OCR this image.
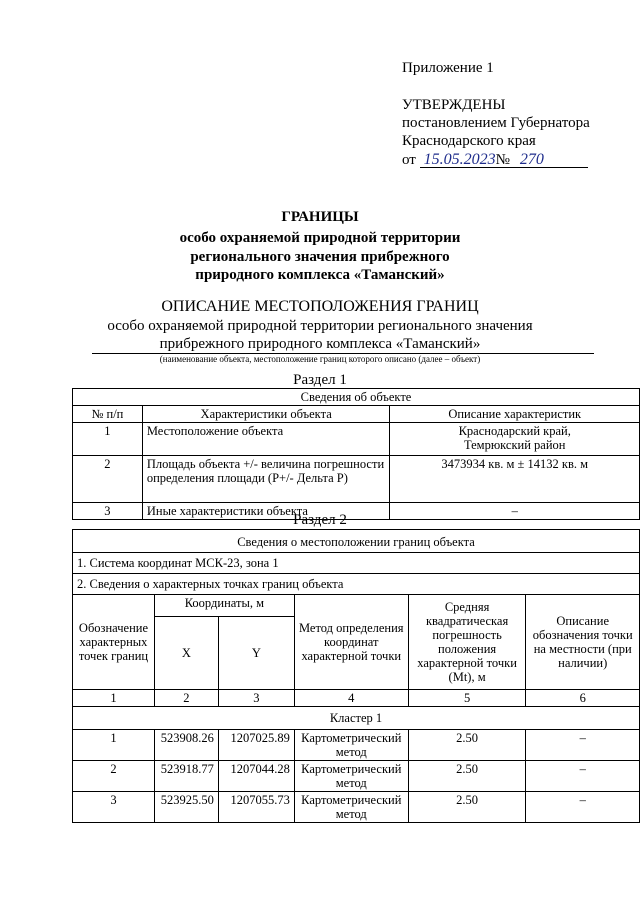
Приложение 1
УТВЕРЖДЕНЫ
постановлением Губернатора
Краснодарского края
от 15.05.2023№ 270
ГРАНИЦЫ
особо охраняемой природной территории
регионального значения прибрежного
природного комплекса «Таманский»
ОПИСАНИЕ МЕСТОПОЛОЖЕНИЯ ГРАНИЦ
особо охраняемой природной территории регионального значения
прибрежного природного комплекса «Таманский»
(наименование объекта, местоположение границ которого описано (далее – объект)
Раздел 1
Сведения об объекте		
№ п/п	Характеристики объекта	Описание характеристик
1	Местоположение объекта	Краснодарский край,
Темрюкский район
2	Площадь объекта +/- величина погрешности определения площади (P+/- Дельта P)	3473934 кв. м ± 14132 кв. м
3	Иные характеристики объекта	–
Раздел 2
Сведения о местоположении границ объекта					
1. Система координат МСК-23, зона 1					
2. Сведения о характерных точках границ объекта					
Обозначение характерных точек границ	Координаты, м		Метод определения координат характерной точки	Средняя квадратическая погрешность положения характерной точки (Mt), м	Описание обозначения точки на местности (при наличии)
	X	Y			
1	2	3	4	5	6
Кластер 1					
1	523908.26	1207025.89	Картометрический метод	2.50	–
2	523918.77	1207044.28	Картометрический метод	2.50	–
3	523925.50	1207055.73	Картометрический метод	2.50	–
